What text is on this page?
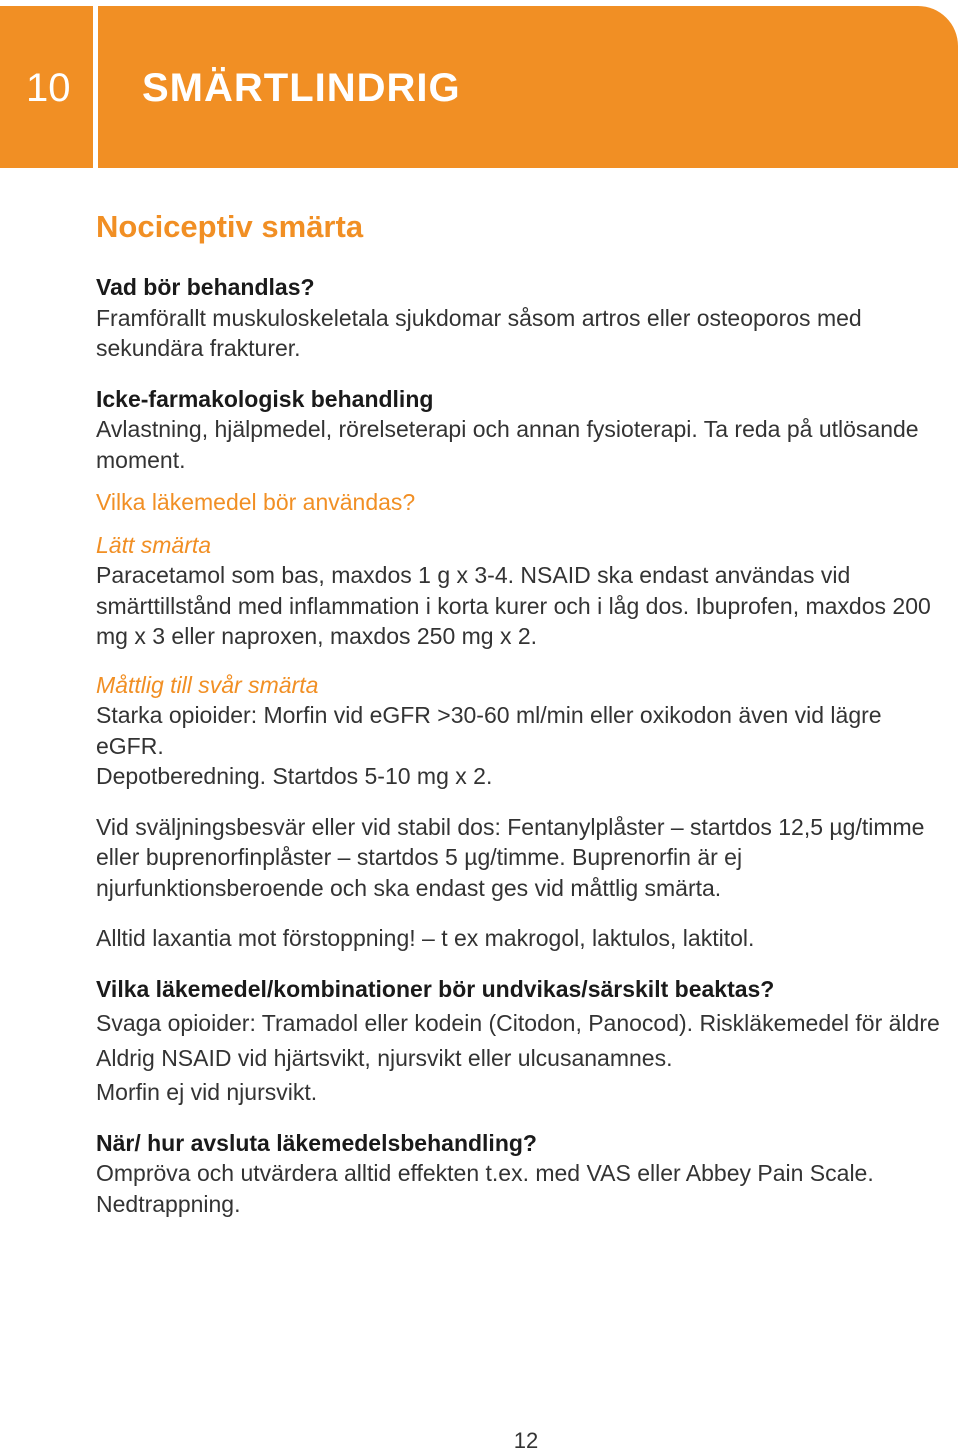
10 SMÄRTLINDRIG
Nociceptiv smärta
Vad bör behandlas?

Framförallt muskuloskeletala sjukdomar såsom artros eller osteoporos med sekundära frakturer.

Icke-farmakologisk behandling

Avlastning, hjälpmedel, rörelseterapi och annan fysioterapi. Ta reda på utlösande moment.

Vilka läkemedel bör användas?
Lätt smärta

Paracetamol som bas, maxdos 1 g x 3-4. NSAID ska endast användas vid smärttillstånd med inflammation i korta kurer och i låg dos. Ibuprofen, maxdos 200 mg x 3 eller naproxen, maxdos 250 mg x 2.

Måttlig till svår smärta

Starka opioider: Morfin vid eGFR >30-60 ml/min eller oxikodon även vid lägre eGFR.

Depotberedning. Startdos 5-10 mg x 2.

Vid sväljningsbesvär eller vid stabil dos: Fentanylplåster – startdos 12,5 µg/timme eller buprenorfinplåster – startdos 5 µg/timme. Buprenorfin är ej njurfunktionsberoende och ska endast ges vid måttlig smärta.

Alltid laxantia mot förstoppning! – t ex makrogol, laktulos, laktitol.

Vilka läkemedel/kombinationer bör undvikas/särskilt beaktas?

Svaga opioider: Tramadol eller kodein (Citodon, Panocod). Riskläkemedel för äldre

Aldrig NSAID vid hjärtsvikt, njursvikt eller ulcusanamnes.

Morfin ej vid njursvikt.

När/ hur avsluta läkemedelsbehandling?

Ompröva och utvärdera alltid effekten t.ex. med VAS eller Abbey Pain Scale.

Nedtrappning.

12
